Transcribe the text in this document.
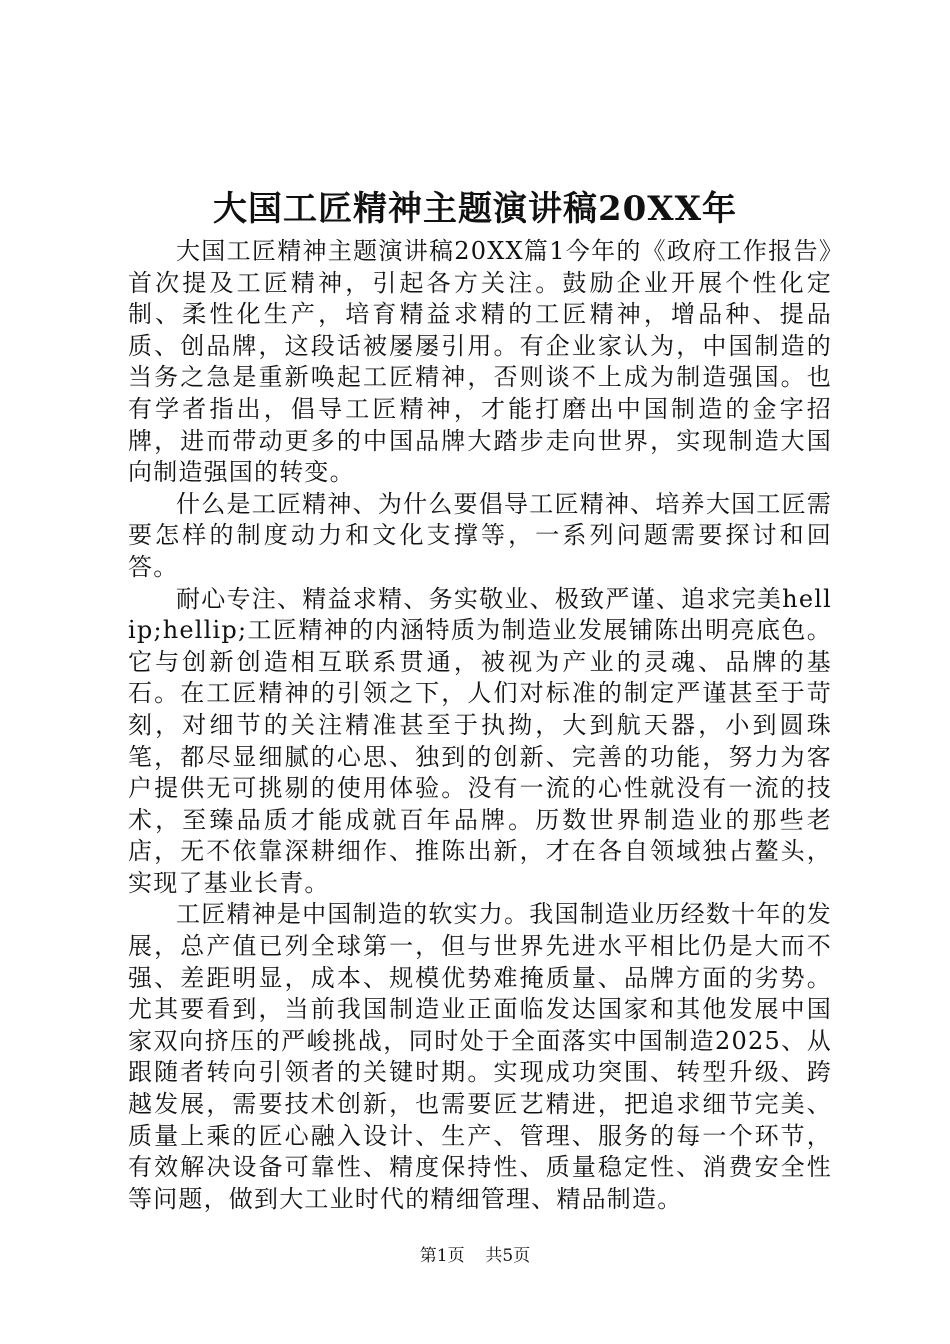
大国工匠精神主题演讲稿20XX年

大国工匠精神主题演讲稿20XX篇1今年的《政府工作报告》首次提及工匠精神，引起各方关注。鼓励企业开展个性化定制、柔性化生产，培育精益求精的工匠精神，增品种、提品质、创品牌，这段话被屡屡引用。有企业家认为，中国制造的当务之急是重新唤起工匠精神，否则谈不上成为制造强国。也有学者指出，倡导工匠精神，才能打磨出中国制造的金字招牌，进而带动更多的中国品牌大踏步走向世界，实现制造大国向制造强国的转变。

什么是工匠精神、为什么要倡导工匠精神、培养大国工匠需要怎样的制度动力和文化支撑等，一系列问题需要探讨和回答。

耐心专注、精益求精、务实敬业、极致严谨、追求完美hellip;hellip;工匠精神的内涵特质为制造业发展铺陈出明亮底色。它与创新创造相互联系贯通，被视为产业的灵魂、品牌的基石。在工匠精神的引领之下，人们对标准的制定严谨甚至于苛刻，对细节的关注精准甚至于执拗，大到航天器，小到圆珠笔，都尽显细腻的心思、独到的创新、完善的功能，努力为客户提供无可挑剔的使用体验。没有一流的心性就没有一流的技术，至臻品质才能成就百年品牌。历数世界制造业的那些老店，无不依靠深耕细作、推陈出新，才在各自领域独占鳌头，实现了基业长青。

工匠精神是中国制造的软实力。我国制造业历经数十年的发展，总产值已列全球第一，但与世界先进水平相比仍是大而不强、差距明显，成本、规模优势难掩质量、品牌方面的劣势。尤其要看到，当前我国制造业正面临发达国家和其他发展中国家双向挤压的严峻挑战，同时处于全面落实中国制造2025、从跟随者转向引领者的关键时期。实现成功突围、转型升级、跨越发展，需要技术创新，也需要匠艺精进，把追求细节完美、质量上乘的匠心融入设计、生产、管理、服务的每一个环节，有效解决设备可靠性、精度保持性、质量稳定性、消费安全性等问题，做到大工业时代的精细管理、精品制造。

第1页 共5页
